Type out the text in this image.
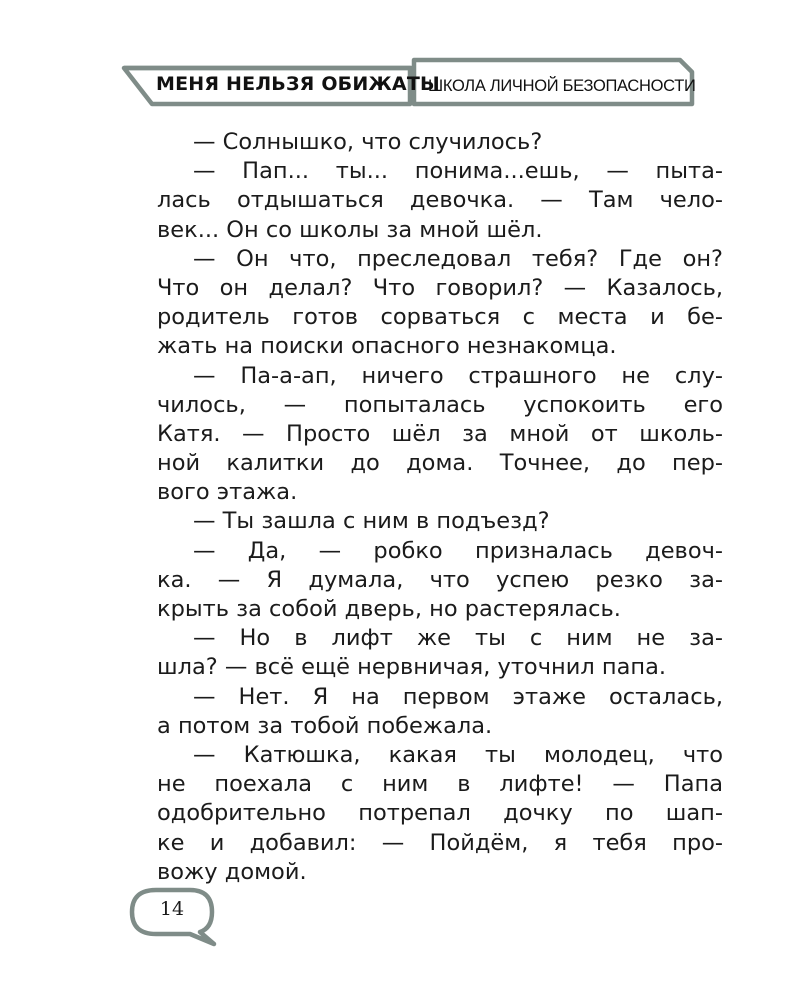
МЕНЯ НЕЛЬЗЯ ОБИЖАТЫ
ШКОЛА ЛИЧНОЙ БЕЗОПАСНОСТИ
— Солнышко, что случилось?
— Пап... ты... понима...ешь, — пыта-
лась отдышаться девочка. — Там чело-
век... Он со школы за мной шёл.
— Он что, преследовал тебя? Где он?
Что он делал? Что говорил? — Казалось,
родитель готов сорваться с места и бе-
жать на поиски опасного незнакомца.
— Па-а-ап, ничего страшного не слу-
чилось, — попыталась успокоить его
Катя. — Просто шёл за мной от школь-
ной калитки до дома. Точнее, до пер-
вого этажа.
— Ты зашла с ним в подъезд?
— Да, — робко призналась девоч-
ка. — Я думала, что успею резко за-
крыть за собой дверь, но растерялась.
— Но в лифт же ты с ним не за-
шла? — всё ещё нервничая, уточнил папа.
— Нет. Я на первом этаже осталась,
а потом за тобой побежала.
— Катюшка, какая ты молодец, что
не поехала с ним в лифте! — Папа
одобрительно потрепал дочку по шап-
ке и добавил: — Пойдём, я тебя про-
вожу домой.
14
